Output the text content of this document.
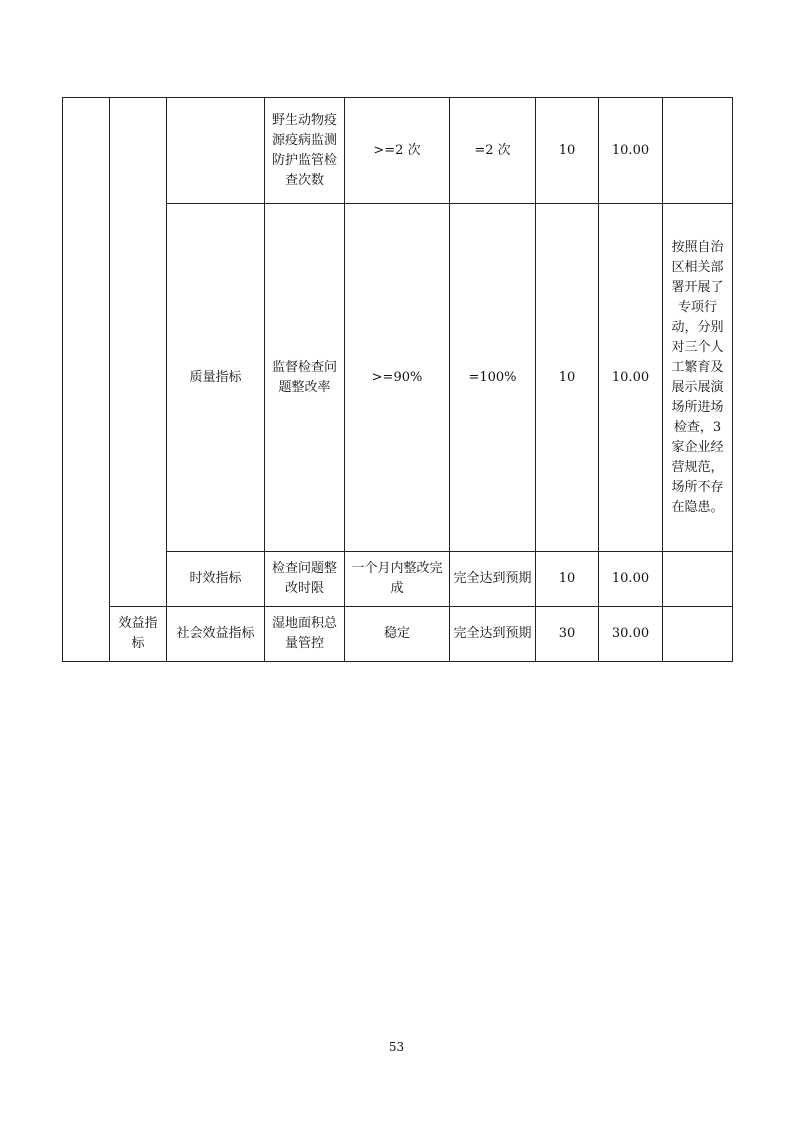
			野生动物疫源疫病监测防护监管检查次数	>=2 次	=2 次	10	10.00	
		质量指标	监督检查问题整改率	>=90%	=100%	10	10.00	按照自治区相关部署开展了专项行动，分别对三个人工繁育及展示展演场所进场检查，3 家企业经营规范，场所不存在隐患。
		时效指标	检查问题整改时限	一个月内整改完成	完全达到预期	10	10.00	
	效益指标	社会效益指标	湿地面积总量管控	稳定	完全达到预期	30	30.00	
53
